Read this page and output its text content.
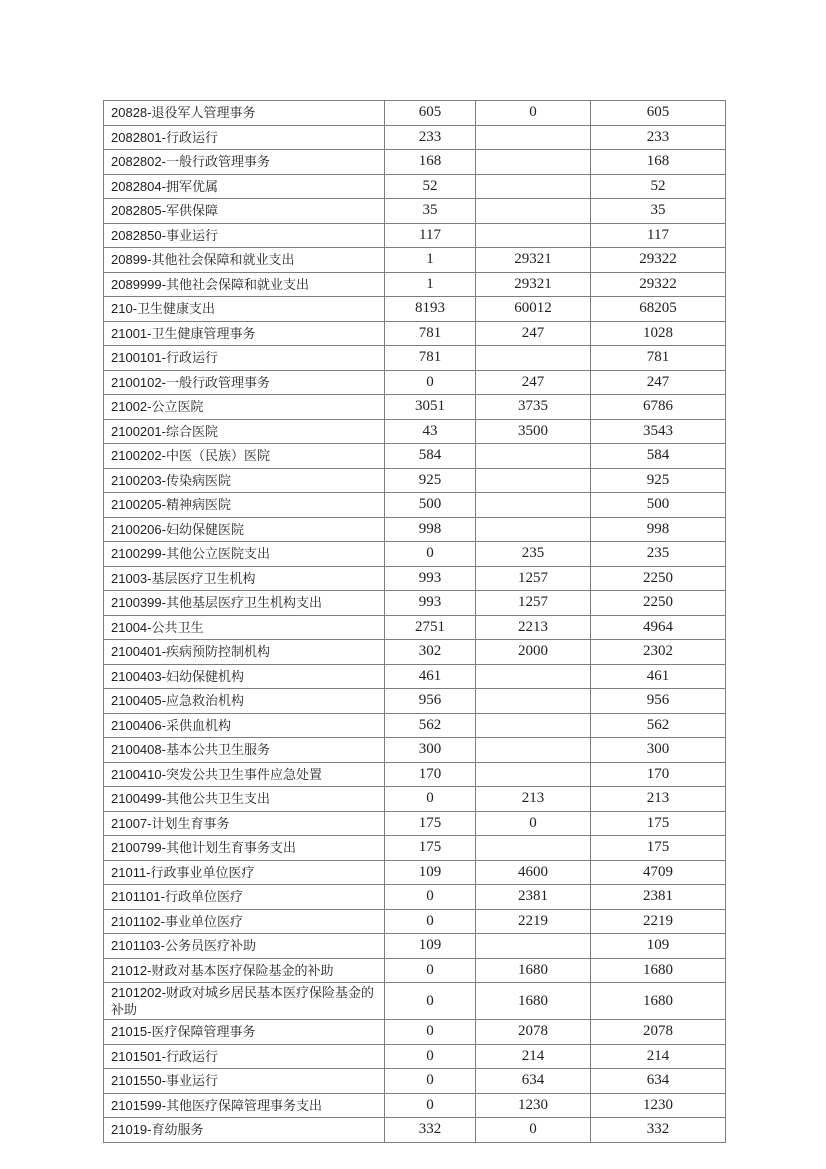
20828-退役军人管理事务	605	0	605
2082801-行政运行	233		233
2082802-一般行政管理事务	168		168
2082804-拥军优属	52		52
2082805-军供保障	35		35
2082850-事业运行	117		117
20899-其他社会保障和就业支出	1	29321	29322
2089999-其他社会保障和就业支出	1	29321	29322
210-卫生健康支出	8193	60012	68205
21001-卫生健康管理事务	781	247	1028
2100101-行政运行	781		781
2100102-一般行政管理事务	0	247	247
21002-公立医院	3051	3735	6786
2100201-综合医院	43	3500	3543
2100202-中医（民族）医院	584		584
2100203-传染病医院	925		925
2100205-精神病医院	500		500
2100206-妇幼保健医院	998		998
2100299-其他公立医院支出	0	235	235
21003-基层医疗卫生机构	993	1257	2250
2100399-其他基层医疗卫生机构支出	993	1257	2250
21004-公共卫生	2751	2213	4964
2100401-疾病预防控制机构	302	2000	2302
2100403-妇幼保健机构	461		461
2100405-应急救治机构	956		956
2100406-采供血机构	562		562
2100408-基本公共卫生服务	300		300
2100410-突发公共卫生事件应急处置	170		170
2100499-其他公共卫生支出	0	213	213
21007-计划生育事务	175	0	175
2100799-其他计划生育事务支出	175		175
21011-行政事业单位医疗	109	4600	4709
2101101-行政单位医疗	0	2381	2381
2101102-事业单位医疗	0	2219	2219
2101103-公务员医疗补助	109		109
21012-财政对基本医疗保险基金的补助	0	1680	1680
2101202-财政对城乡居民基本医疗保险基金的补助	0	1680	1680
21015-医疗保障管理事务	0	2078	2078
2101501-行政运行	0	214	214
2101550-事业运行	0	634	634
2101599-其他医疗保障管理事务支出	0	1230	1230
21019-育幼服务	332	0	332
